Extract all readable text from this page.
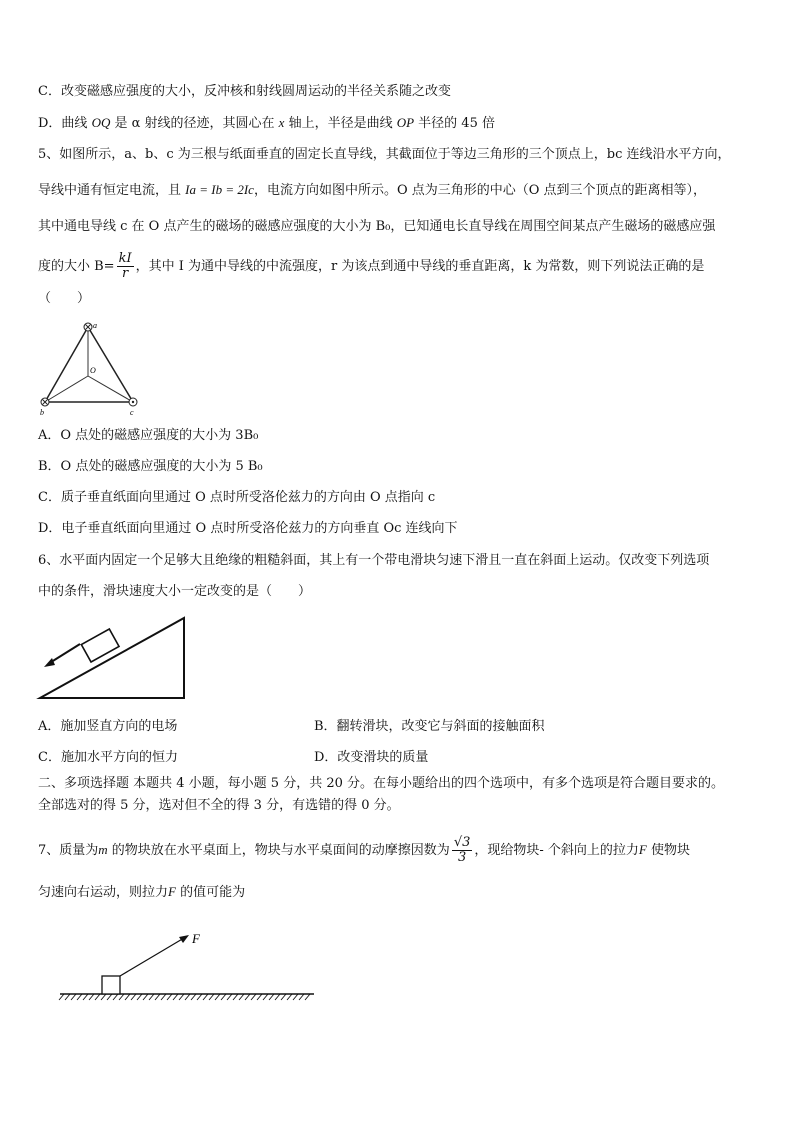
C．改变磁感应强度的大小，反冲核和射线圆周运动的半径关系随之改变
D．曲线 OQ 是 α 射线的径迹，其圆心在 x 轴上，半径是曲线 OP 半径的 45 倍
5、如图所示，a、b、c 为三根与纸面垂直的固定长直导线，其截面位于等边三角形的三个顶点上，bc 连线沿水平方向，
导线中通有恒定电流，且 Ia = Ib = 2Ic，电流方向如图中所示。O 点为三角形的中心（O 点到三个顶点的距离相等），
其中通电导线 c 在 O 点产生的磁场的磁感应强度的大小为 B₀，已知通电长直导线在周围空间某点产生磁场的磁感应强
度的大小 $B= \frac{kI}{r}$ ，其中 I 为通中导线的中流强度，r 为该点到通中导线的垂直距离，k 为常数，则下列说法正确的是
（　　）
a
O
b	c
A．O 点处的磁感应强度的大小为 3B₀
B．O 点处的磁感应强度的大小为 5 B₀
C．质子垂直纸面向里通过 O 点时所受洛伦兹力的方向由 O 点指向 c
D．电子垂直纸面向里通过 O 点时所受洛伦兹力的方向垂直 Oc 连线向下
6、水平面内固定一个足够大且绝缘的粗糙斜面，其上有一个带电滑块匀速下滑且一直在斜面上运动。仅改变下列选项
中的条件，滑块速度大小一定改变的是（　　）
A．施加竖直方向的电场	B．翻转滑块，改变它与斜面的接触面积
C．施加水平方向的恒力	D．改变滑块的质量
二、多项选择题 本题共 4 小题，每小题 5 分，共 20 分。在每小题给出的四个选项中，有多个选项是符合题目要求的。
全部选对的得 5 分，选对但不全的得 3 分，有选错的得 0 分。
7、质量为m 的物块放在水平桌面上，物块与水平桌面间的动摩擦因数为 $\frac{√3}{3}$ ，现给物块- 个斜向上的拉力F 使物块
匀速向右运动，则拉力F 的值可能为
F
